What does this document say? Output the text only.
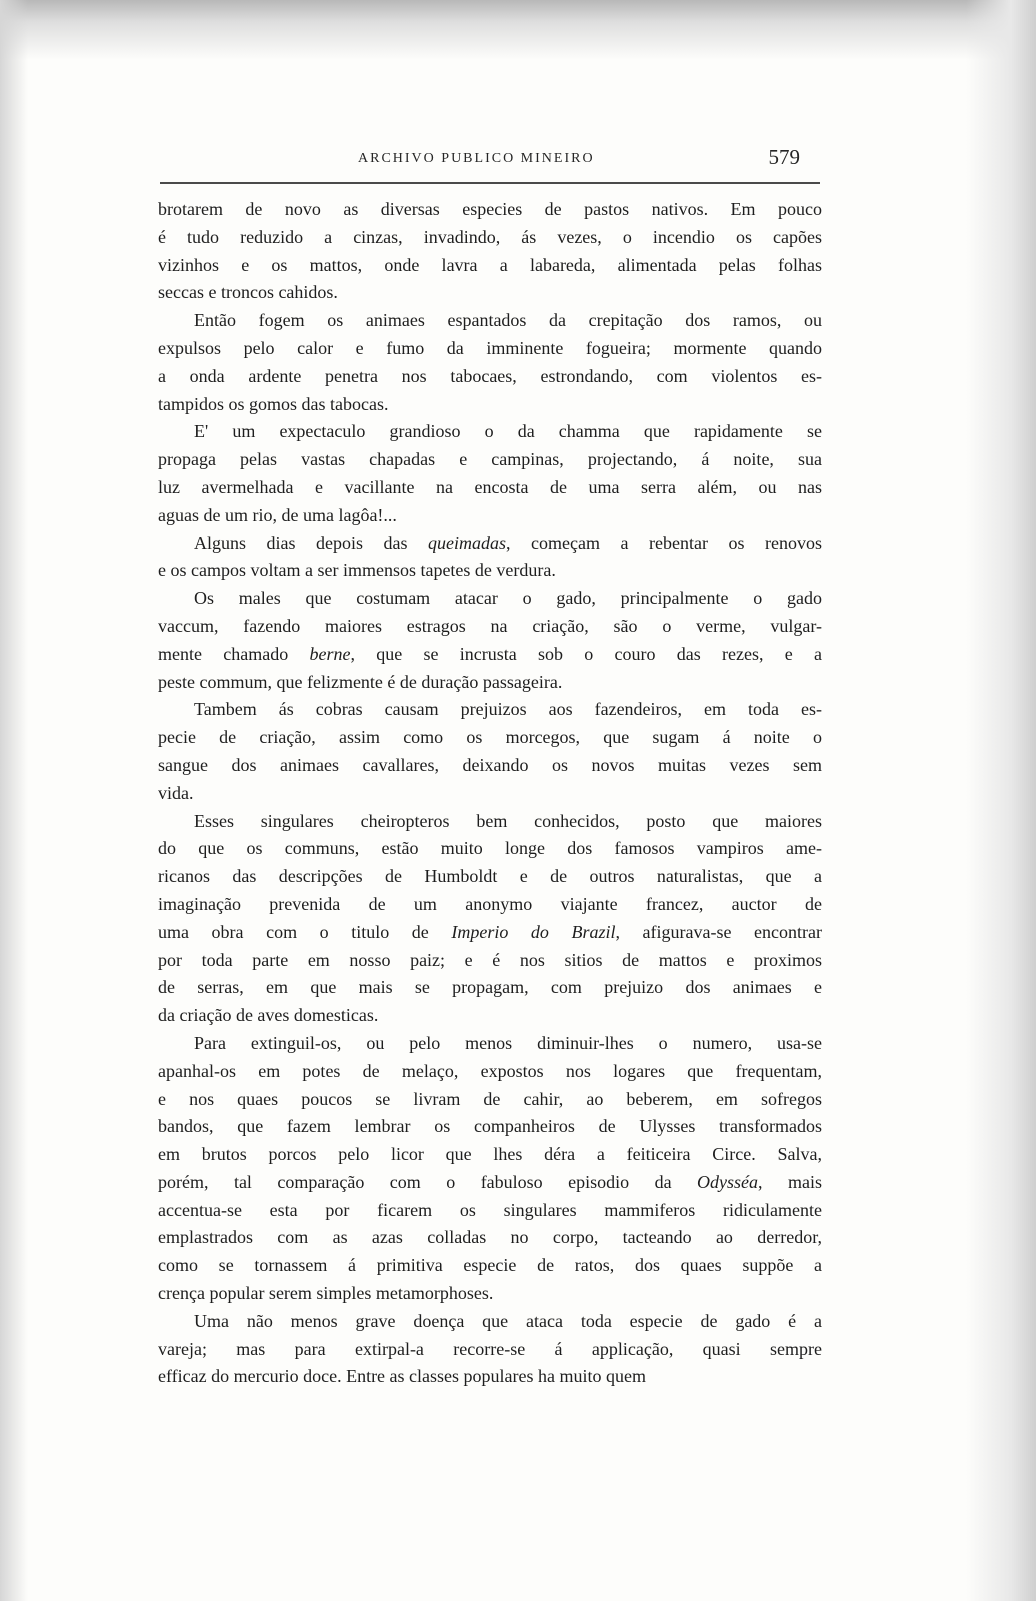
ARCHIVO PUBLICO MINEIRO	579
brotarem de novo as diversas especies de pastos nativos. Em pouco
é tudo reduzido a cinzas, invadindo, ás vezes, o incendio os capões
vizinhos e os mattos, onde lavra a labareda, alimentada pelas folhas
seccas e troncos cahidos.
Então fogem os animaes espantados da crepitação dos ramos, ou
expulsos pelo calor e fumo da imminente fogueira; mormente quando
a onda ardente penetra nos tabocaes, estrondando, com violentos es-
tampidos os gomos das tabocas.
E' um expectaculo grandioso o da chamma que rapidamente se
propaga pelas vastas chapadas e campinas, projectando, á noite, sua
luz avermelhada e vacillante na encosta de uma serra além, ou nas
aguas de um rio, de uma lagôa!...
Alguns dias depois das queimadas, começam a rebentar os renovos
e os campos voltam a ser immensos tapetes de verdura.
Os males que costumam atacar o gado, principalmente o gado
vaccum, fazendo maiores estragos na criação, são o verme, vulgar-
mente chamado berne, que se incrusta sob o couro das rezes, e a
peste commum, que felizmente é de duração passageira.
Tambem ás cobras causam prejuizos aos fazendeiros, em toda es-
pecie de criação, assim como os morcegos, que sugam á noite o
sangue dos animaes cavallares, deixando os novos muitas vezes sem
vida.
Esses singulares cheiropteros bem conhecidos, posto que maiores
do que os communs, estão muito longe dos famosos vampiros ame-
ricanos das descripções de Humboldt e de outros naturalistas, que a
imaginação prevenida de um anonymo viajante francez, auctor de
uma obra com o titulo de Imperio do Brazil, afigurava-se encontrar
por toda parte em nosso paiz; e é nos sitios de mattos e proximos
de serras, em que mais se propagam, com prejuizo dos animaes e
da criação de aves domesticas.
Para extinguil-os, ou pelo menos diminuir-lhes o numero, usa-se
apanhal-os em potes de melaço, expostos nos logares que frequentam,
e nos quaes poucos se livram de cahir, ao beberem, em sofregos
bandos, que fazem lembrar os companheiros de Ulysses transformados
em brutos porcos pelo licor que lhes déra a feiticeira Circe. Salva,
porém, tal comparação com o fabuloso episodio da Odysséa, mais
accentua-se esta por ficarem os singulares mammiferos ridiculamente
emplastrados com as azas colladas no corpo, tacteando ao derredor,
como se tornassem á primitiva especie de ratos, dos quaes suppõe a
crença popular serem simples metamorphoses.
Uma não menos grave doença que ataca toda especie de gado é a
vareja; mas para extirpal-a recorre-se á applicação, quasi sempre
efficaz do mercurio doce. Entre as classes populares ha muito quem
